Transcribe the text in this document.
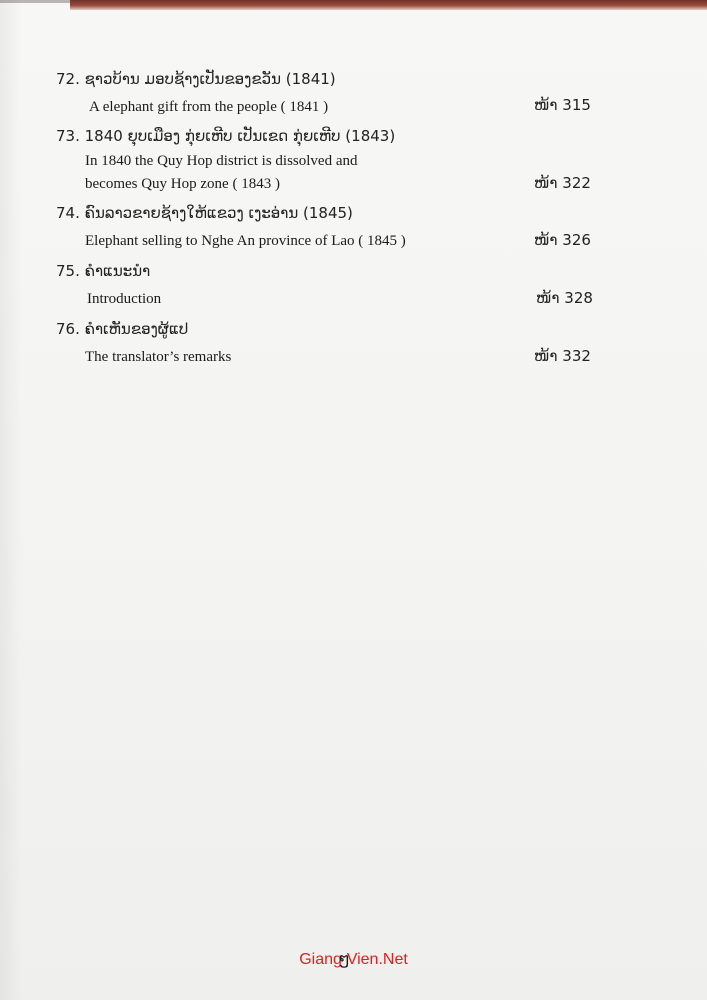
72. ຊາວບ້ານ ມອບຊ້າງເປັນຂອງຂວັນ (1841)
A elephant gift from the people ( 1841 )	ໜ້າ 315
73. 1840 ຍຸບເມືອງ ກຸ່ຍເຫີບ ເປັນເຂດ ກຸ່ຍເຫີບ (1843)
In 1840 the Quy Hop district is dissolved and
becomes Quy Hop zone ( 1843 )	ໜ້າ 322
74. ຄົນລາວຂາຍຊ້າງໃຫ້ແຂວງ ເງະອ່ານ (1845)
Elephant selling to Nghe An province of Lao ( 1845 )	ໜ້າ 326
75. ຄຳແນະນຳ
Introduction	ໜ້າ 328
76. ຄຳເຫັນຂອງຜູ້ແປ
The translator’s remarks	ໜ້າ 332
GiangໆVien.Net
